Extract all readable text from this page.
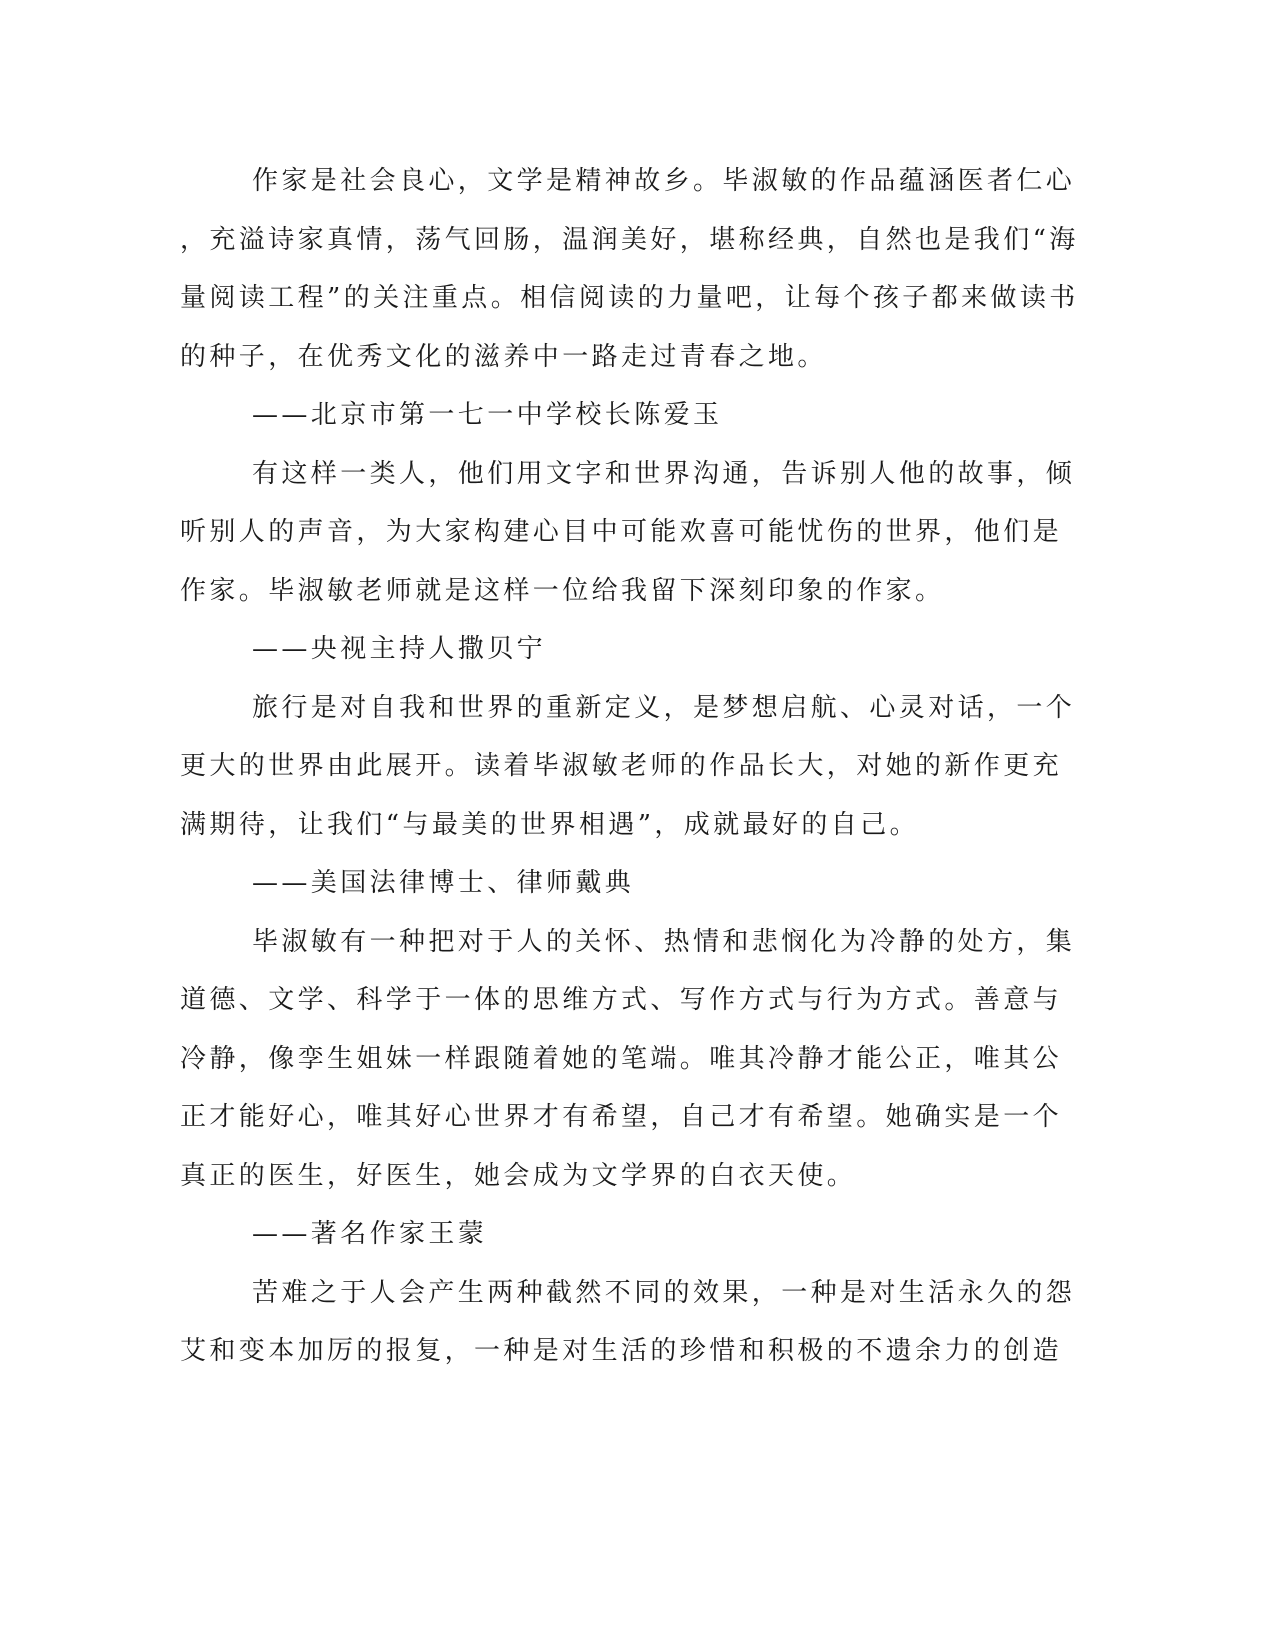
作家是社会良心，文学是精神故乡。毕淑敏的作品蕴涵医者仁心
，充溢诗家真情，荡气回肠，温润美好，堪称经典，自然也是我们“海
量阅读工程”的关注重点。相信阅读的力量吧，让每个孩子都来做读书
的种子，在优秀文化的滋养中一路走过青春之地。
——北京市第一七一中学校长陈爱玉
有这样一类人，他们用文字和世界沟通，告诉别人他的故事，倾
听别人的声音，为大家构建心目中可能欢喜可能忧伤的世界，他们是
作家。毕淑敏老师就是这样一位给我留下深刻印象的作家。
——央视主持人撒贝宁
旅行是对自我和世界的重新定义，是梦想启航、心灵对话，一个
更大的世界由此展开。读着毕淑敏老师的作品长大，对她的新作更充
满期待，让我们“与最美的世界相遇”，成就最好的自己。
——美国法律博士、律师戴典
毕淑敏有一种把对于人的关怀、热情和悲悯化为冷静的处方，集
道德、文学、科学于一体的思维方式、写作方式与行为方式。善意与
冷静，像孪生姐妹一样跟随着她的笔端。唯其冷静才能公正，唯其公
正才能好心，唯其好心世界才有希望，自己才有希望。她确实是一个
真正的医生，好医生，她会成为文学界的白衣天使。
——著名作家王蒙
苦难之于人会产生两种截然不同的效果，一种是对生活永久的怨
艾和变本加厉的报复，一种是对生活的珍惜和积极的不遗余力的创造
